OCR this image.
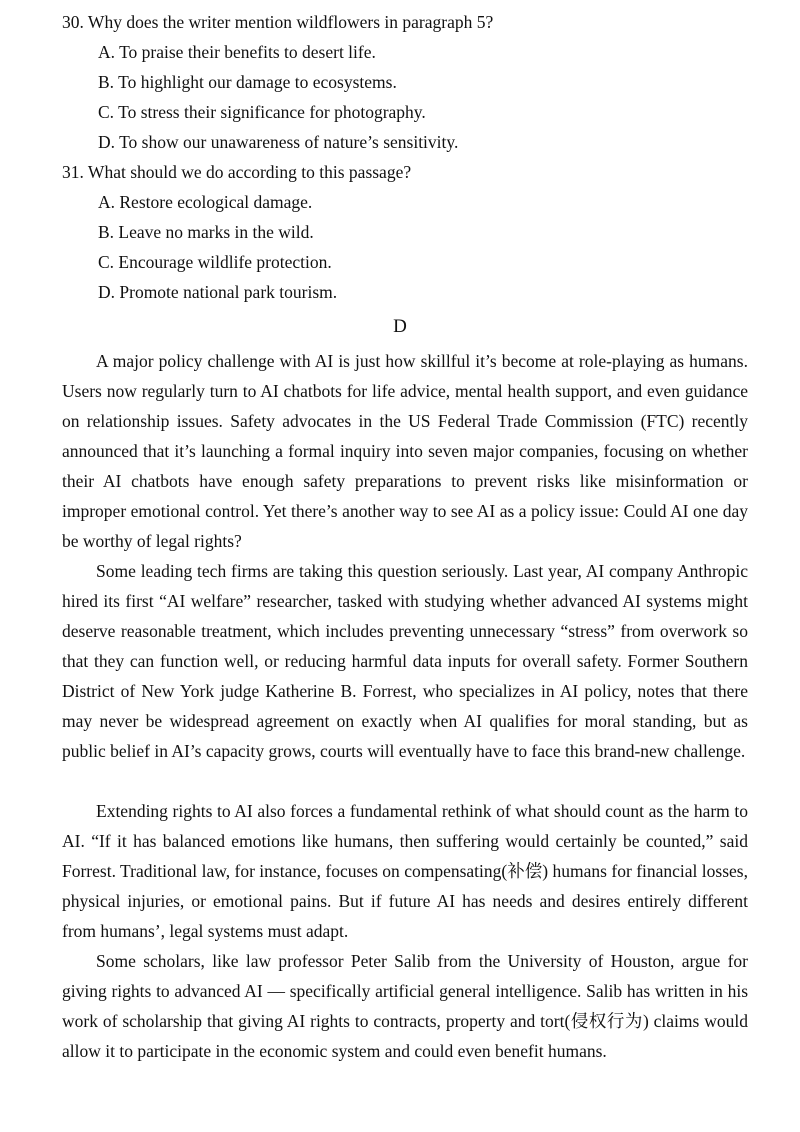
30. Why does the writer mention wildflowers in paragraph 5?
A. To praise their benefits to desert life.
B. To highlight our damage to ecosystems.
C. To stress their significance for photography.
D. To show our unawareness of nature’s sensitivity.
31. What should we do according to this passage?
A. Restore ecological damage.
B. Leave no marks in the wild.
C. Encourage wildlife protection.
D. Promote national park tourism.
D

A major policy challenge with AI is just how skillful it’s become at role-playing as humans. Users now regularly turn to AI chatbots for life advice, mental health support, and even guidance on relationship issues. Safety advocates in the US Federal Trade Commission (FTC) recently announced that it’s launching a formal inquiry into seven major companies, focusing on whether their AI chatbots have enough safety preparations to prevent risks like misinformation or improper emotional control. Yet there’s another way to see AI as a policy issue: Could AI one day be worthy of legal rights?

Some leading tech firms are taking this question seriously. Last year, AI company Anthropic hired its first “AI welfare” researcher, tasked with studying whether advanced AI systems might deserve reasonable treatment, which includes preventing unnecessary “stress” from overwork so that they can function well, or reducing harmful data inputs for overall safety. Former Southern District of New York judge Katherine B. Forrest, who specializes in AI policy, notes that there may never be widespread agreement on exactly when AI qualifies for moral standing, but as public belief in AI’s capacity grows, courts will eventually have to face this brand-new challenge.

Extending rights to AI also forces a fundamental rethink of what should count as the harm to AI. “If it has balanced emotions like humans, then suffering would certainly be counted,” said Forrest. Traditional law, for instance, focuses on compensating(补偿) humans for financial losses, physical injuries, or emotional pains. But if future AI has needs and desires entirely different from humans’, legal systems must adapt.

Some scholars, like law professor Peter Salib from the University of Houston, argue for giving rights to advanced AI — specifically artificial general intelligence. Salib has written in his work of scholarship that giving AI rights to contracts, property and tort(侵权行为) claims would allow it to participate in the economic system and could even benefit humans.
